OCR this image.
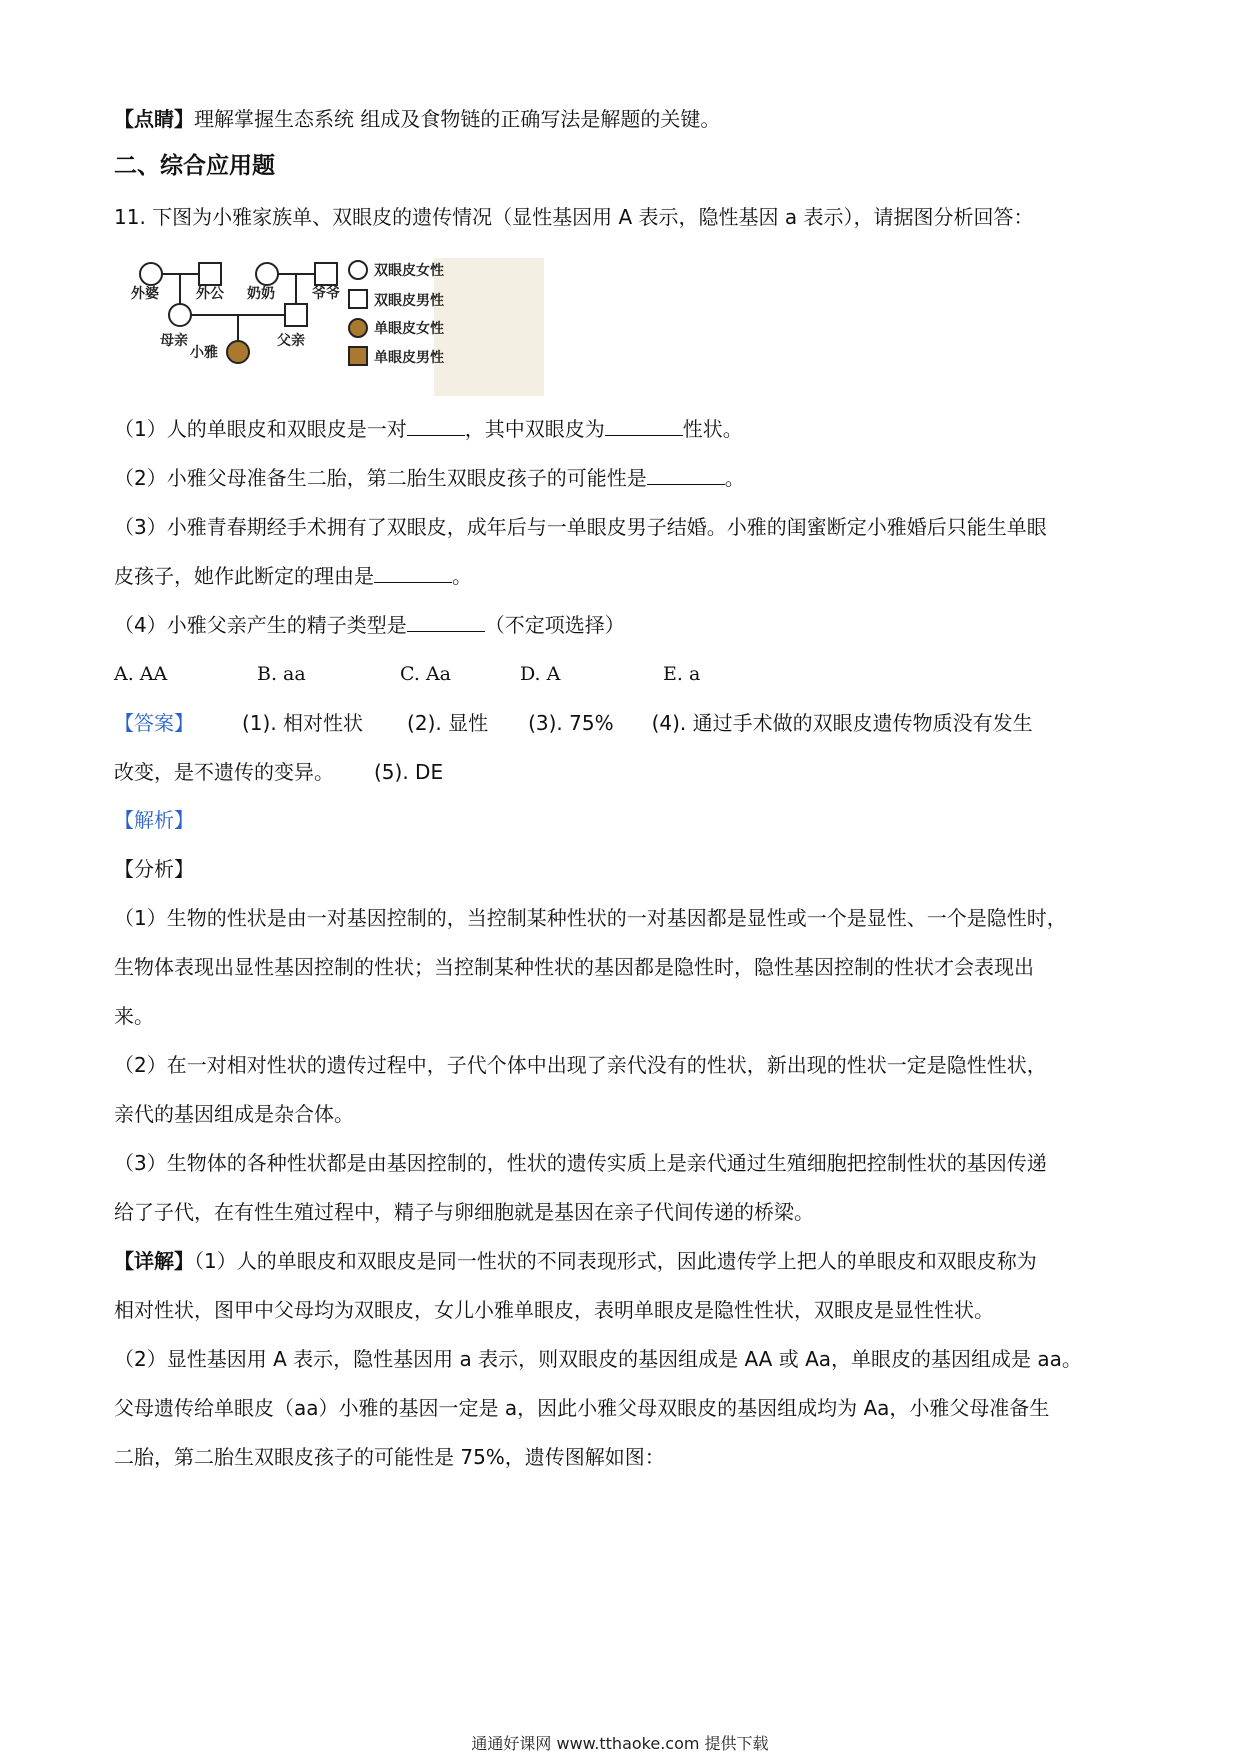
【点睛】理解掌握生态系统 组成及食物链的正确写法是解题的关键。
二、综合应用题
11. 下图为小雅家族单、双眼皮的遗传情况（显性基因用 A 表示，隐性基因 a 表示），请据图分析回答：
外婆	外公 奶奶	爷爷
母亲	父亲
小雅
双眼皮女性
双眼皮男性
单眼皮女性
单眼皮男性
（1）人的单眼皮和双眼皮是一对	，其中双眼皮为	性状。
（2）小雅父母准备生二胎，第二胎生双眼皮孩子的可能性是	。
（3）小雅青春期经手术拥有了双眼皮，成年后与一单眼皮男子结婚。小雅的闺蜜断定小雅婚后只能生单眼
皮孩子，她作此断定的理由是	。
（4）小雅父亲产生的精子类型是	（不定项选择）
A. AA	B. aa	C. Aa	D. A	E. a
【答案】 (1). 相对性状 (2). 显性 (3). 75% (4). 通过手术做的双眼皮遗传物质没有发生
改变，是不遗传的变异。 (5). DE
【解析】
【分析】
（1）生物的性状是由一对基因控制的，当控制某种性状的一对基因都是显性或一个是显性、一个是隐性时，
生物体表现出显性基因控制的性状；当控制某种性状的基因都是隐性时，隐性基因控制的性状才会表现出
来。
（2）在一对相对性状的遗传过程中，子代个体中出现了亲代没有的性状，新出现的性状一定是隐性性状，
亲代的基因组成是杂合体。
（3）生物体的各种性状都是由基因控制的，性状的遗传实质上是亲代通过生殖细胞把控制性状的基因传递
给了子代，在有性生殖过程中，精子与卵细胞就是基因在亲子代间传递的桥梁。
【详解】（1）人的单眼皮和双眼皮是同一性状的不同表现形式，因此遗传学上把人的单眼皮和双眼皮称为
相对性状，图甲中父母均为双眼皮，女儿小雅单眼皮，表明单眼皮是隐性性状，双眼皮是显性性状。
（2）显性基因用 A 表示，隐性基因用 a 表示，则双眼皮的基因组成是 AA 或 Aa，单眼皮的基因组成是 aa。
父母遗传给单眼皮（aa）小雅的基因一定是 a，因此小雅父母双眼皮的基因组成均为 Aa，小雅父母准备生
二胎，第二胎生双眼皮孩子的可能性是 75%，遗传图解如图：
通通好课网 www.tthaoke.com 提供下载
